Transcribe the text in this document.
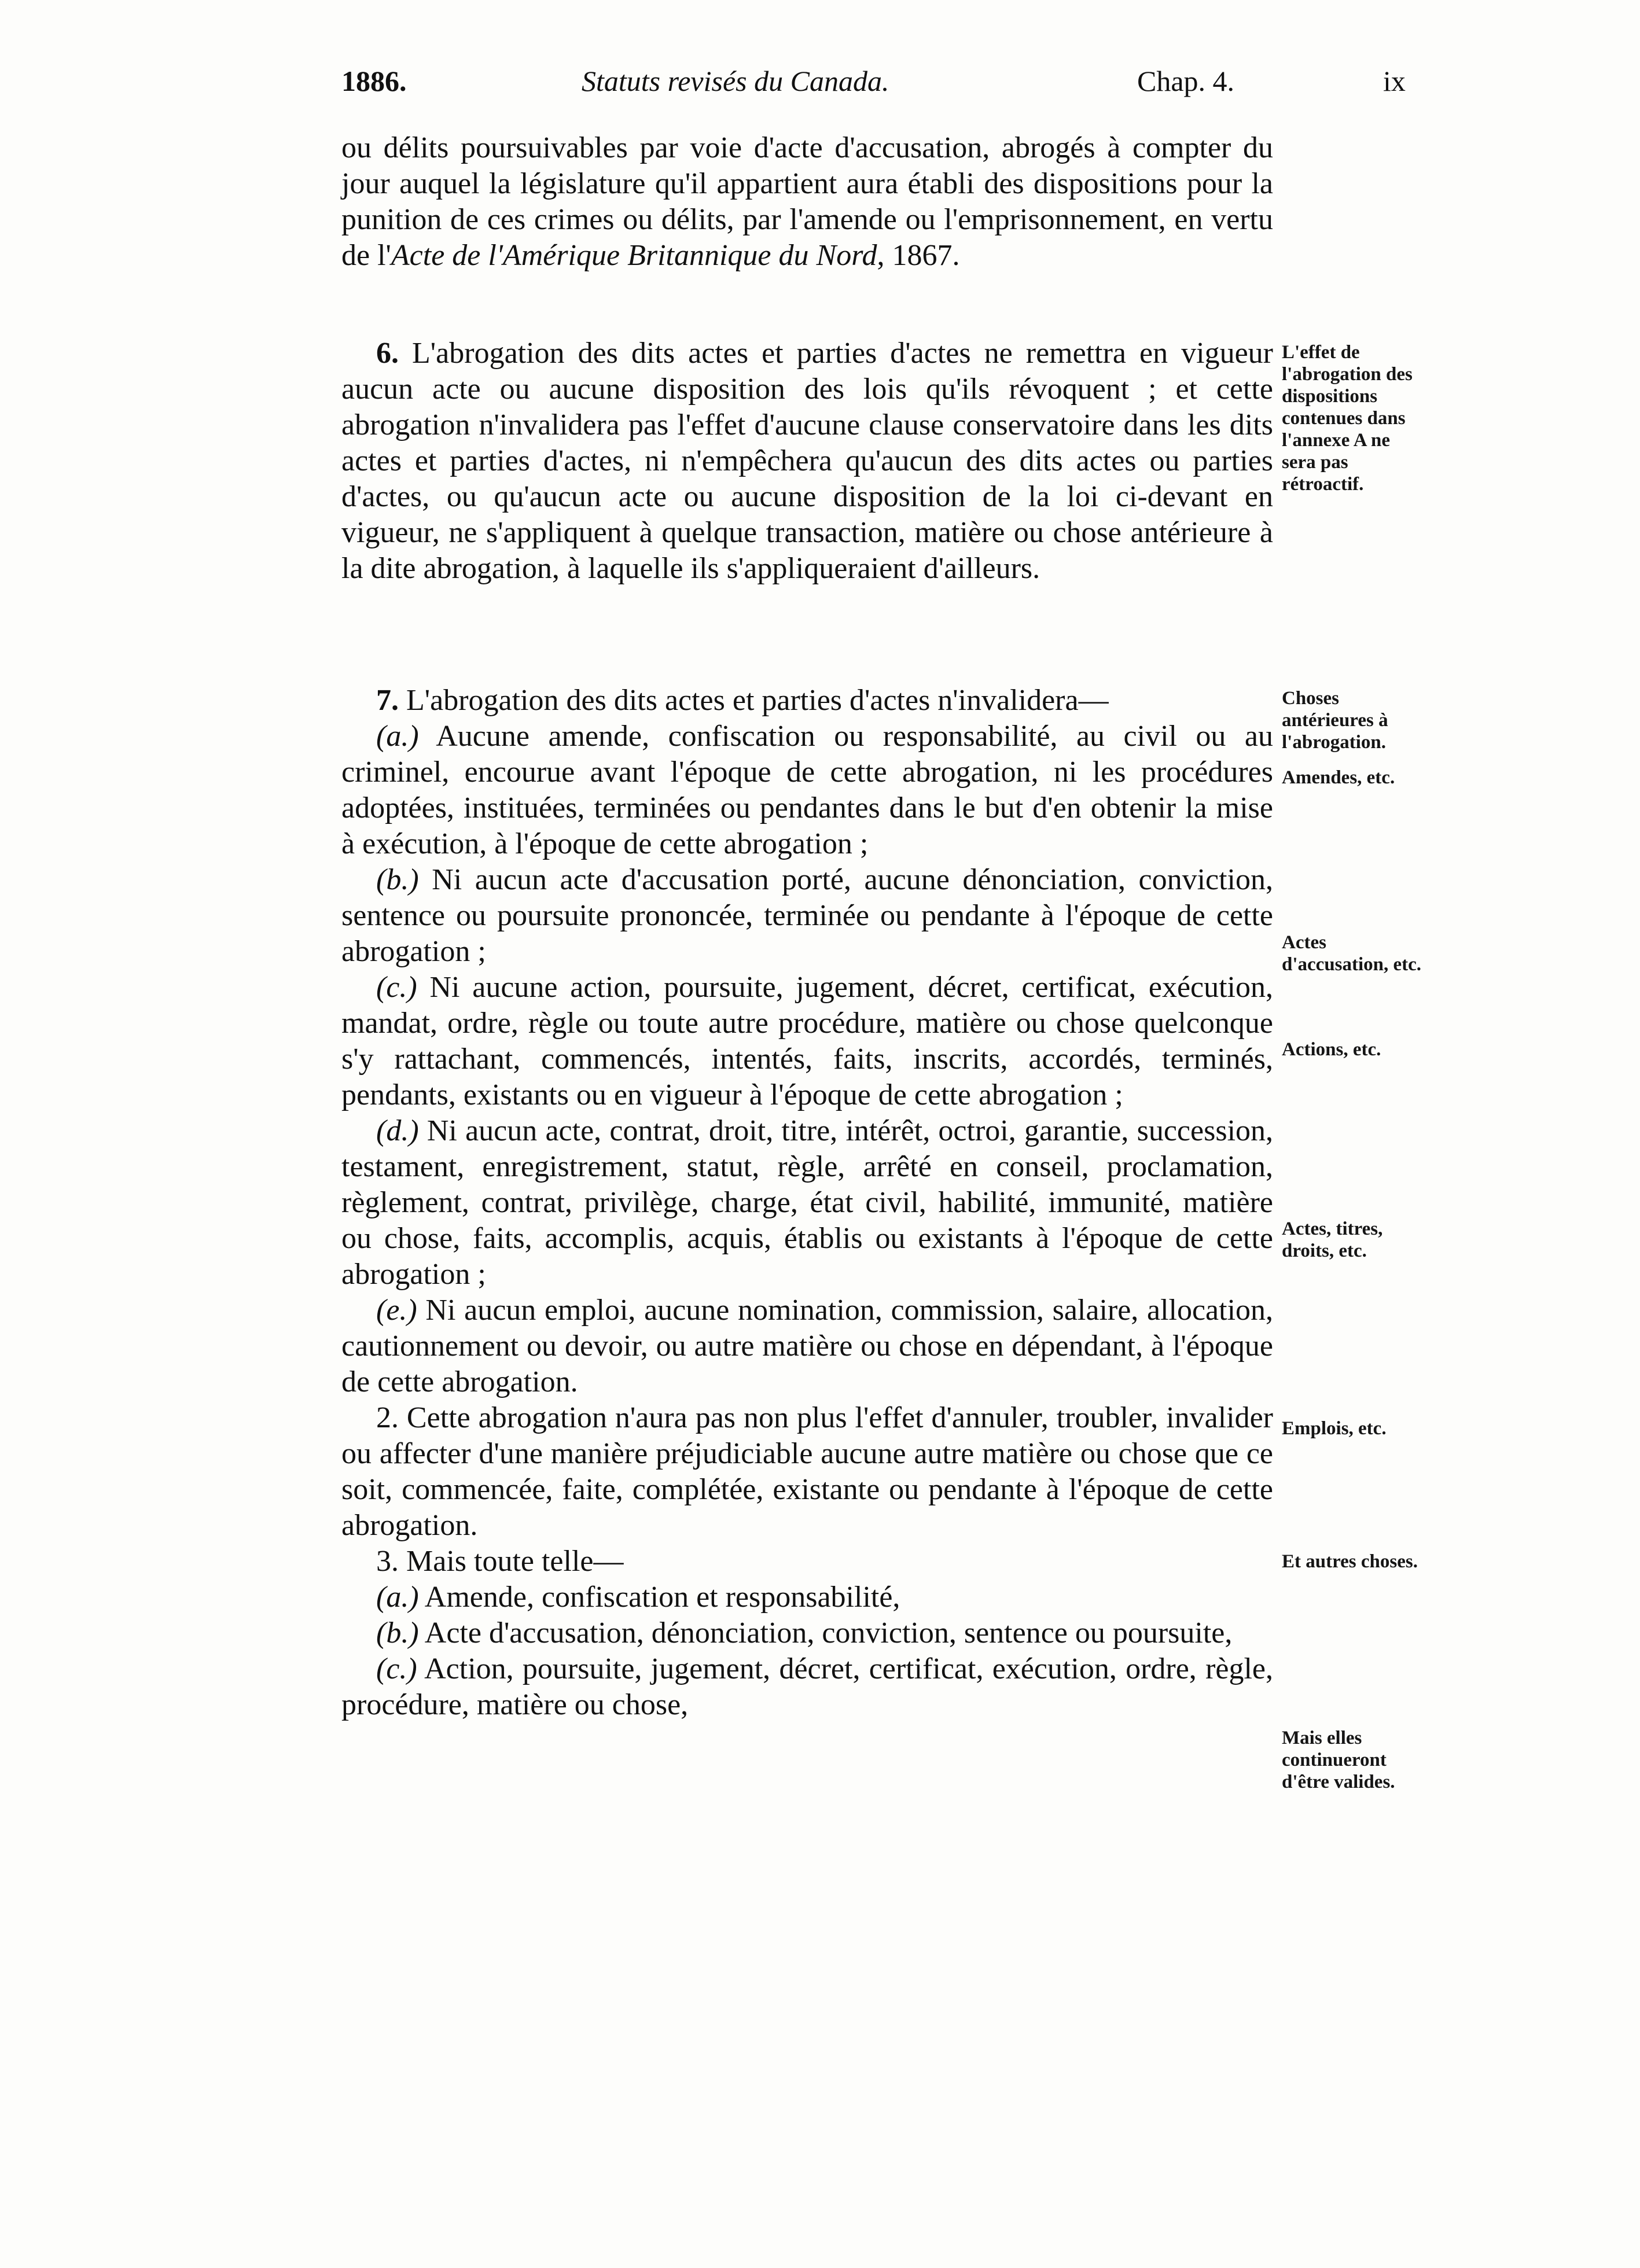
1886.	Statuts revisés du Canada.	Chap. 4.	ix

ou délits poursuivables par voie d'acte d'accusation, abrogés à compter du jour auquel la législature qu'il appartient aura établi des dispositions pour la punition de ces crimes ou délits, par l'amende ou l'emprisonnement, en vertu de l'Acte de l'Amérique Britannique du Nord, 1867.

6. L'abrogation des dits actes et parties d'actes ne remettra en vigueur aucun acte ou aucune disposition des lois qu'ils révoquent ; et cette abrogation n'invalidera pas l'effet d'aucune clause conservatoire dans les dits actes et parties d'actes, ni n'empêchera qu'aucun des dits actes ou parties d'actes, ou qu'aucun acte ou aucune disposition de la loi ci-devant en vigueur, ne s'appliquent à quelque transaction, matière ou chose antérieure à la dite abrogation, à laquelle ils s'appliqueraient d'ailleurs.

L'effet de l'abrogation des dispositions contenues dans l'annexe A ne sera pas rétroactif.

7. L'abrogation des dits actes et parties d'actes n'invalidera—

(a.) Aucune amende, confiscation ou responsabilité, au civil ou au criminel, encourue avant l'époque de cette abrogation, ni les procédures adoptées, instituées, terminées ou pendantes dans le but d'en obtenir la mise à exécution, à l'époque de cette abrogation ;

(b.) Ni aucun acte d'accusation porté, aucune dénonciation, conviction, sentence ou poursuite prononcée, terminée ou pendante à l'époque de cette abrogation ;

(c.) Ni aucune action, poursuite, jugement, décret, certificat, exécution, mandat, ordre, règle ou toute autre procédure, matière ou chose quelconque s'y rattachant, commencés, intentés, faits, inscrits, accordés, terminés, pendants, existants ou en vigueur à l'époque de cette abrogation ;

(d.) Ni aucun acte, contrat, droit, titre, intérêt, octroi, garantie, succession, testament, enregistrement, statut, règle, arrêté en conseil, proclamation, règlement, contrat, privilège, charge, état civil, habilité, immunité, matière ou chose, faits, accomplis, acquis, établis ou existants à l'époque de cette abrogation ;

(e.) Ni aucun emploi, aucune nomination, commission, salaire, allocation, cautionnement ou devoir, ou autre matière ou chose en dépendant, à l'époque de cette abrogation.

2. Cette abrogation n'aura pas non plus l'effet d'annuler, troubler, invalider ou affecter d'une manière préjudiciable aucune autre matière ou chose que ce soit, commencée, faite, complétée, existante ou pendante à l'époque de cette abrogation.

3. Mais toute telle—

(a.) Amende, confiscation et responsabilité,

(b.) Acte d'accusation, dénonciation, conviction, sentence ou poursuite,

(c.) Action, poursuite, jugement, décret, certificat, exécution, ordre, règle, procédure, matière ou chose,

Choses antérieures à l'abrogation.
Amendes, etc.
Actes d'accusation, etc.
Actions, etc.
Actes, titres, droits, etc.
Emplois, etc.
Et autres choses.
Mais elles continueront d'être valides.
